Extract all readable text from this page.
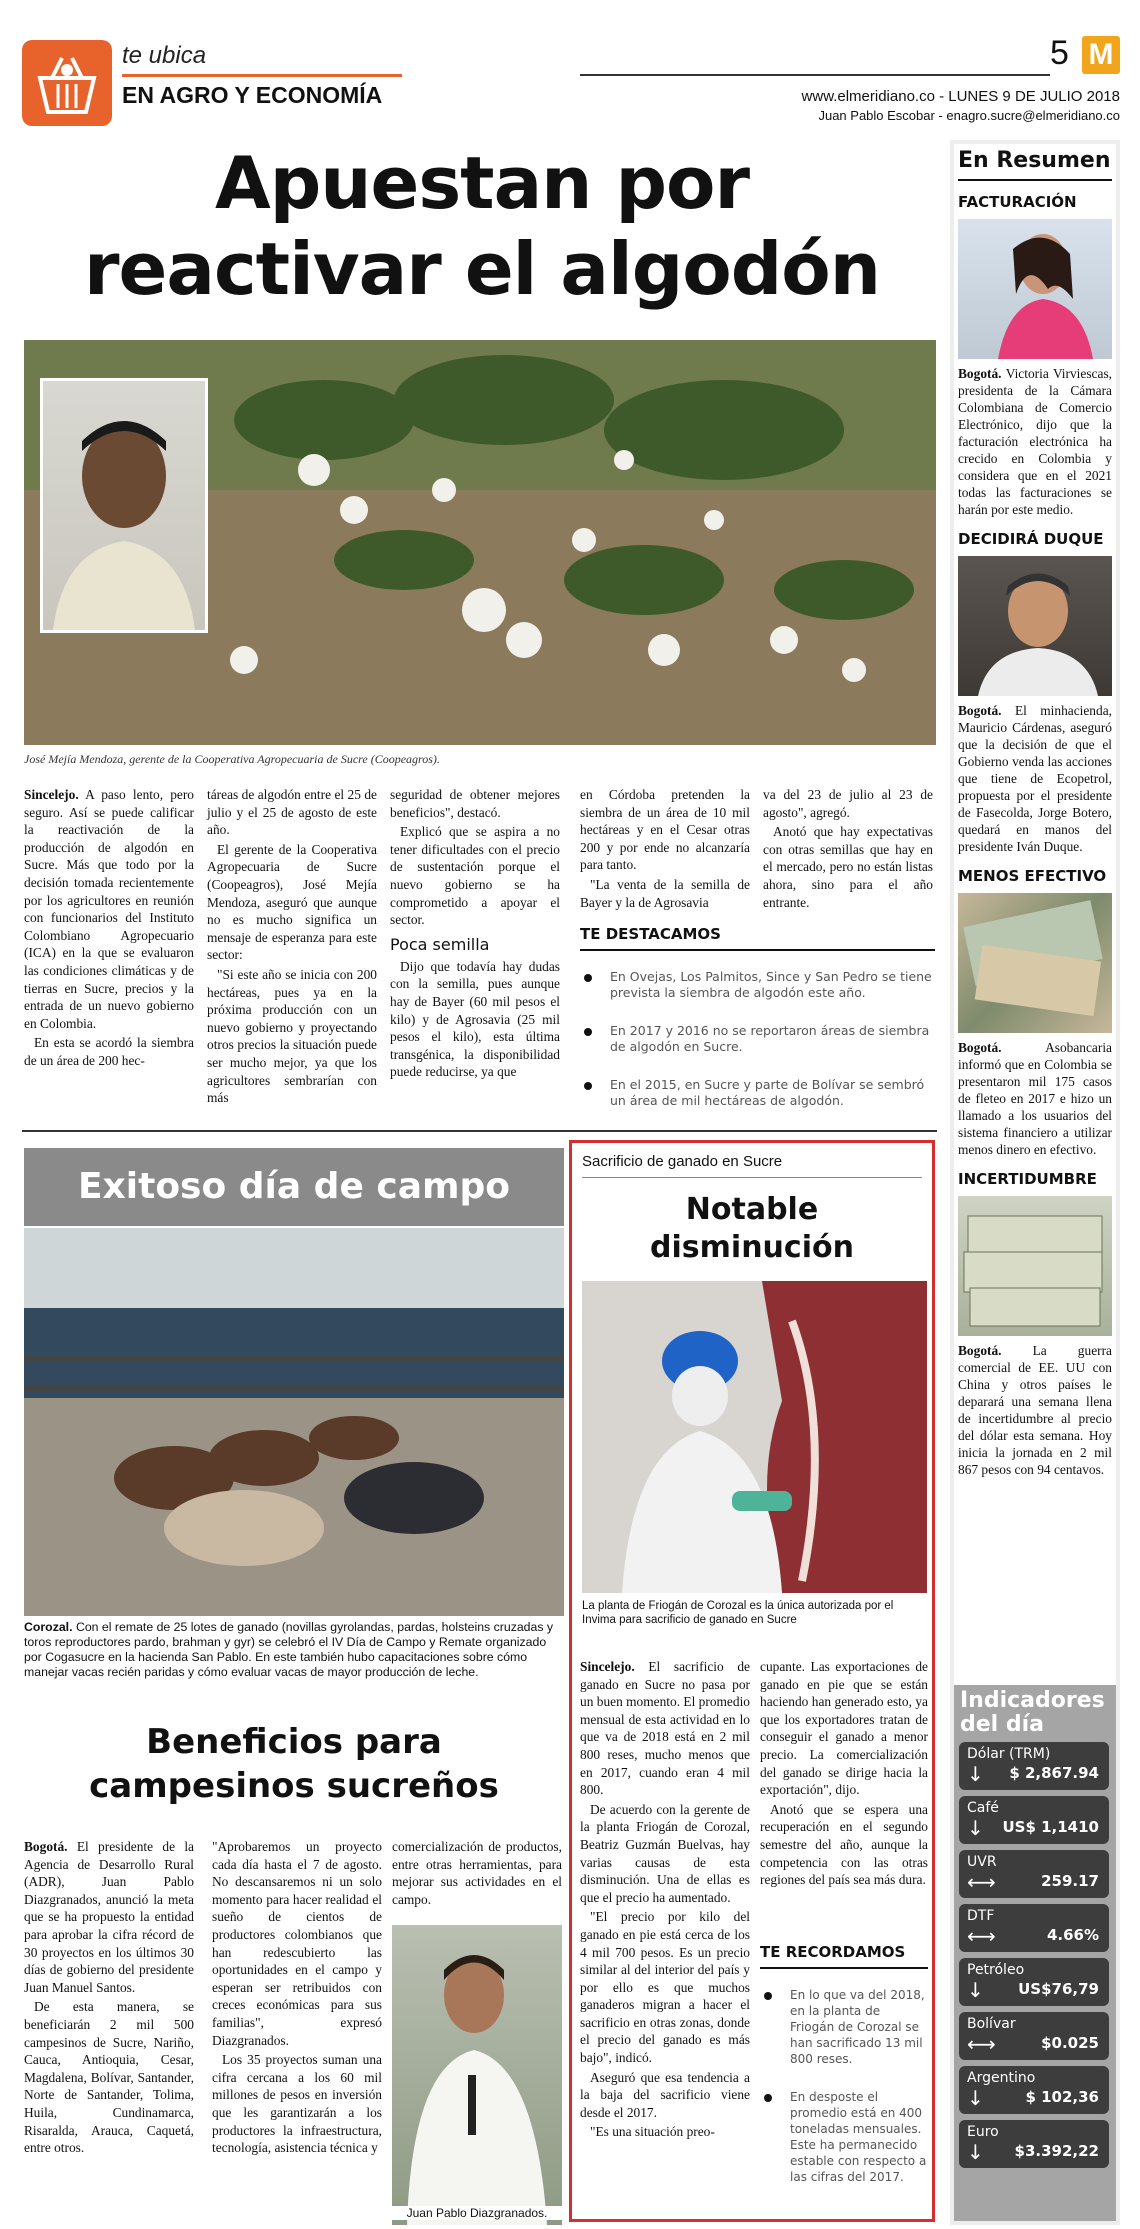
te ubica
EN AGRO Y ECONOMÍA
5 M
www.elmeridiano.co - LUNES 9 DE JULIO 2018
Juan Pablo Escobar - enagro.sucre@elmeridiano.co
Apuestan por
reactivar el algodón
José Mejía Mendoza, gerente de la Cooperativa Agropecuaria de Sucre (Coopeagros).

Sincelejo. A paso lento, pero seguro. Así se puede calificar la reactivación de la producción de algodón en Sucre. Más que todo por la decisión tomada recientemente por los agricultores en reunión con funcionarios del Instituto Colombiano Agropecuario (ICA) en la que se evaluaron las condiciones climáticas y de tierras en Sucre, precios y la entrada de un nuevo gobierno en Colombia.

En esta se acordó la siembra de un área de 200 hec-

táreas de algodón entre el 25 de julio y el 25 de agosto de este año.

El gerente de la Cooperativa Agropecuaria de Sucre (Coopeagros), José Mejía Mendoza, aseguró que aunque no es mucho significa un mensaje de esperanza para este sector:

"Si este año se inicia con 200 hectáreas, pues ya en la próxima producción con un nuevo gobierno y proyectando otros precios la situación puede ser mucho mejor, ya que los agricultores sembrarían con más

seguridad de obtener mejores beneficios", destacó.

Explicó que se aspira a no tener dificultades con el precio de sustentación porque el nuevo gobierno se ha comprometido a apoyar el sector.

Poca semilla

Dijo que todavía hay dudas con la semilla, pues aunque hay de Bayer (60 mil pesos el kilo) y de Agrosavia (25 mil pesos el kilo), esta última transgénica, la disponibilidad puede reducirse, ya que

en Córdoba pretenden la siembra de un área de 10 mil hectáreas y en el Cesar otras 200 y por ende no alcanzaría para tanto.

"La venta de la semilla de Bayer y la de Agrosavia

va del 23 de julio al 23 de agosto", agregó.

Anotó que hay expectativas con otras semillas que hay en el mercado, pero no están listas ahora, sino para el año entrante.

TE DESTACAMOS
En Ovejas, Los Palmitos, Since y San Pedro se tiene prevista la siembra de algodón este año.
En 2017 y 2016 no se reportaron áreas de siembra de algodón en Sucre.
En el 2015, en Sucre y parte de Bolívar se sembró un área de mil hectáreas de algodón.
Exitoso día de campo
Corozal. Con el remate de 25 lotes de ganado (novillas gyrolandas, pardas, holsteins cruzadas y toros reproductores pardo, brahman y gyr) se celebró el IV Día de Campo y Remate organizado por Cogasucre en la hacienda San Pablo. En este también hubo capacitaciones sobre cómo manejar vacas recién paridas y cómo evaluar vacas de mayor producción de leche.
Beneficios para
campesinos sucreños

Bogotá. El presidente de la Agencia de Desarrollo Rural (ADR), Juan Pablo Diazgranados, anunció la meta que se ha propuesto la entidad para aprobar la cifra récord de 30 proyectos en los últimos 30 días de gobierno del presidente Juan Manuel Santos.

De esta manera, se beneficiarán 2 mil 500 campesinos de Sucre, Nariño, Cauca, Antioquia, Cesar, Magdalena, Bolívar, Santander, Norte de Santander, Tolima, Huila, Cundinamarca, Risaralda, Arauca, Caquetá, entre otros.

"Aprobaremos un proyecto cada día hasta el 7 de agosto. No descansaremos ni un solo momento para hacer realidad el sueño de cientos de productores colombianos que han redescubierto las oportunidades en el campo y esperan ser retribuidos con creces económicas para sus familias", expresó Diazgranados.

Los 35 proyectos suman una cifra cercana a los 60 mil millones de pesos en inversión que les garantizarán a los productores la infraestructura, tecnología, asistencia técnica y

comercialización de productos, entre otras herramientas, para mejorar sus actividades en el campo.

Juan Pablo Diazgranados.
Sacrificio de ganado en Sucre
Notable
disminución
La planta de Friogán de Corozal es la única autorizada por el Invima para sacrificio de ganado en Sucre

Sincelejo. El sacrificio de ganado en Sucre no pasa por un buen momento. El promedio mensual de esta actividad en lo que va de 2018 está en 2 mil 800 reses, mucho menos que en 2017, cuando eran 4 mil 800.

De acuerdo con la gerente de la planta Friogán de Corozal, Beatriz Guzmán Buelvas, hay varias causas de esta disminución. Una de ellas es que el precio ha aumentado.

"El precio por kilo del ganado en pie está cerca de los 4 mil 700 pesos. Es un precio similar al del interior del país y por ello es que muchos ganaderos migran a hacer el sacrificio en otras zonas, donde el precio del ganado es más bajo", indicó.

Aseguró que esa tendencia a la baja del sacrificio viene desde el 2017.

"Es una situación preo-

cupante. Las exportaciones de ganado en pie que se están haciendo han generado esto, ya que los exportadores tratan de conseguir el ganado a menor precio. La comercialización del ganado se dirige hacia la exportación", dijo.

Anotó que se espera una recuperación en el segundo semestre del año, aunque la competencia con las otras regiones del país sea más dura.

TE RECORDAMOS
En lo que va del 2018, en la planta de Friogán de Corozal se han sacrificado 13 mil 800 reses.
En desposte el promedio está en 400 toneladas mensuales. Este ha permanecido estable con respecto a las cifras del 2017.
En Resumen
FACTURACIÓN

Bogotá. Victoria Virviescas, presidenta de la Cámara Colombiana de Comercio Electrónico, dijo que la facturación electrónica ha crecido en Colombia y considera que en el 2021 todas las facturaciones se harán por este medio.

DECIDIRÁ DUQUE

Bogotá. El minhacienda, Mauricio Cárdenas, aseguró que la decisión de que el Gobierno venda las acciones que tiene de Ecopetrol, propuesta por el presidente de Fasecolda, Jorge Botero, quedará en manos del presidente Iván Duque.

MENOS EFECTIVO

Bogotá.	Asobancaria informó que en Colombia se presentaron mil 175 casos de fleteo en 2017 e hizo un llamado a los usuarios del sistema financiero a utilizar menos dinero en efectivo.

INCERTIDUMBRE

Bogotá. La guerra comercial de EE. UU con China y otros países le deparará una semana llena de incertidumbre al precio del dólar esta semana. Hoy inicia la jornada en 2 mil 867 pesos con 94 centavos.

Indicadores
del día
Dólar (TRM)
↓ $ 2,867.94
Café
↓ US$ 1,1410
UVR
⟷	259.17
DTF
⟷	4.66%
Petróleo
↓ US$76,79
Bolívar
⟷	$0.025
Argentino
↓	$ 102,36
Euro
↓ $3.392,22
